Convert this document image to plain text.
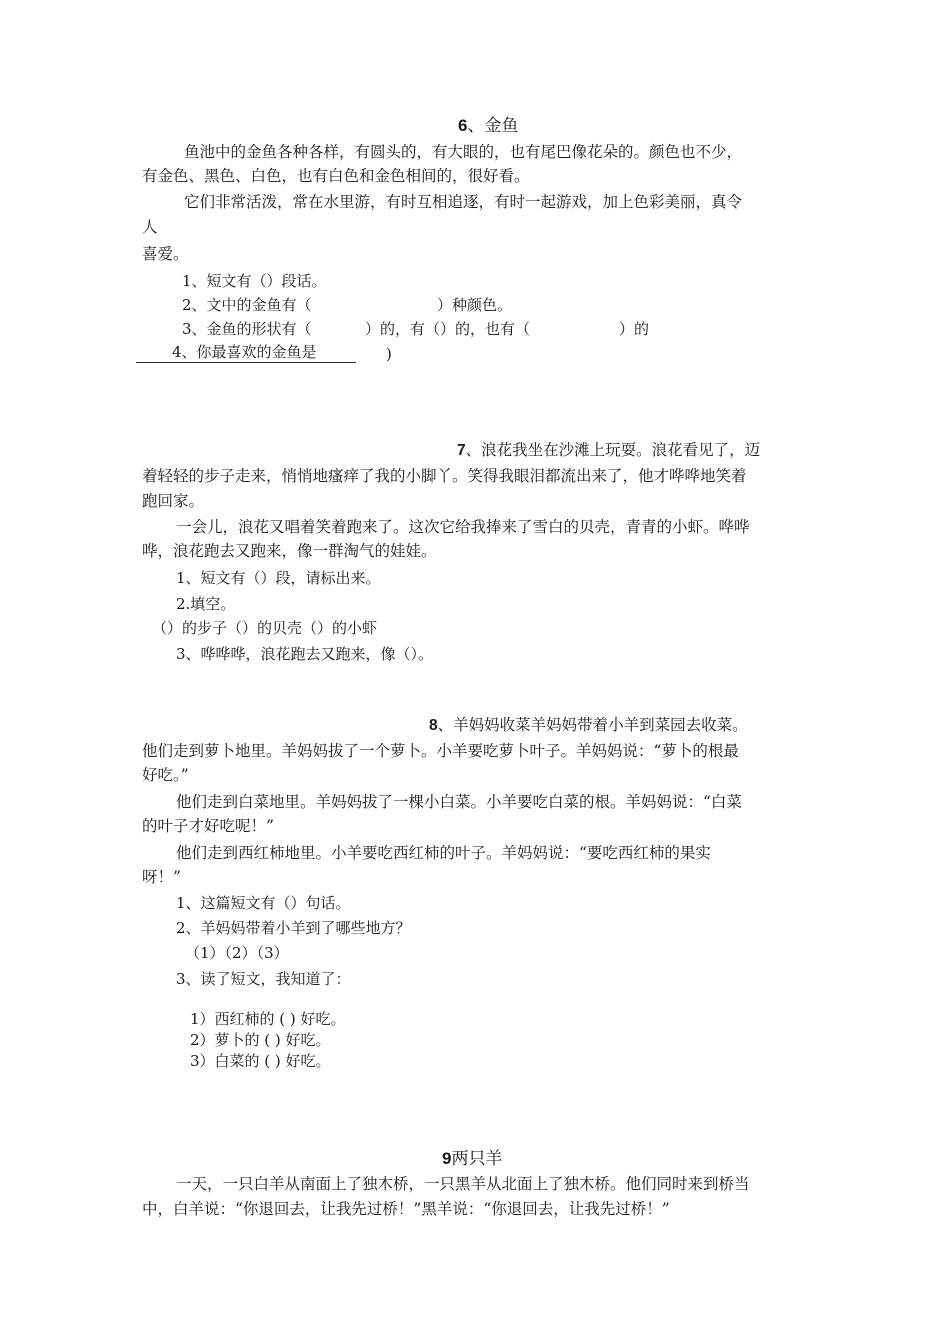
6、金鱼
鱼池中的金鱼各种各样，有圆头的，有大眼的，也有尾巴像花朵的。颜色也不少，
有金色、黑色、白色，也有白色和金色相间的，很好看。
它们非常活泼，常在水里游，有时互相追逐，有时一起游戏，加上色彩美丽，真令
人
喜爱。
1、短文有（）段话。
2、文中的金鱼有（	）种颜色。
3、金鱼的形状有（	）的，有（）的，也有（	）的
4、你最喜欢的金鱼是	)
7、浪花我坐在沙滩上玩耍。浪花看见了，迈
着轻轻的步子走来，悄悄地瘙痒了我的小脚丫。笑得我眼泪都流出来了，他才哗哗地笑着
跑回家。
一会儿，浪花又唱着笑着跑来了。这次它给我捧来了雪白的贝壳，青青的小虾。哗哗
哗，浪花跑去又跑来，像一群淘气的娃娃。
1、短文有（）段，请标出来。
2.填空。
（）的步子（）的贝壳（）的小虾
3、哗哗哗，浪花跑去又跑来，像（）。
8、羊妈妈收菜羊妈妈带着小羊到菜园去收菜。
他们走到萝卜地里。羊妈妈拔了一个萝卜。小羊要吃萝卜叶子。羊妈妈说：“萝卜的根最
好吃。”
他们走到白菜地里。羊妈妈拔了一棵小白菜。小羊要吃白菜的根。羊妈妈说：“白菜
的叶子才好吃呢！”
他们走到西红柿地里。小羊要吃西红柿的叶子。羊妈妈说：“要吃西红柿的果实
呀！”
1、这篇短文有（）句话。
2、羊妈妈带着小羊到了哪些地方？
（1）（2）（3）
3、读了短文，我知道了：
1）西红柿的 ( ) 好吃。
2）萝卜的 ( ) 好吃。
3）白菜的 ( ) 好吃。
9两只羊
一天，一只白羊从南面上了独木桥，一只黑羊从北面上了独木桥。他们同时来到桥当
中，白羊说：“你退回去，让我先过桥！”黑羊说：“你退回去，让我先过桥！”
